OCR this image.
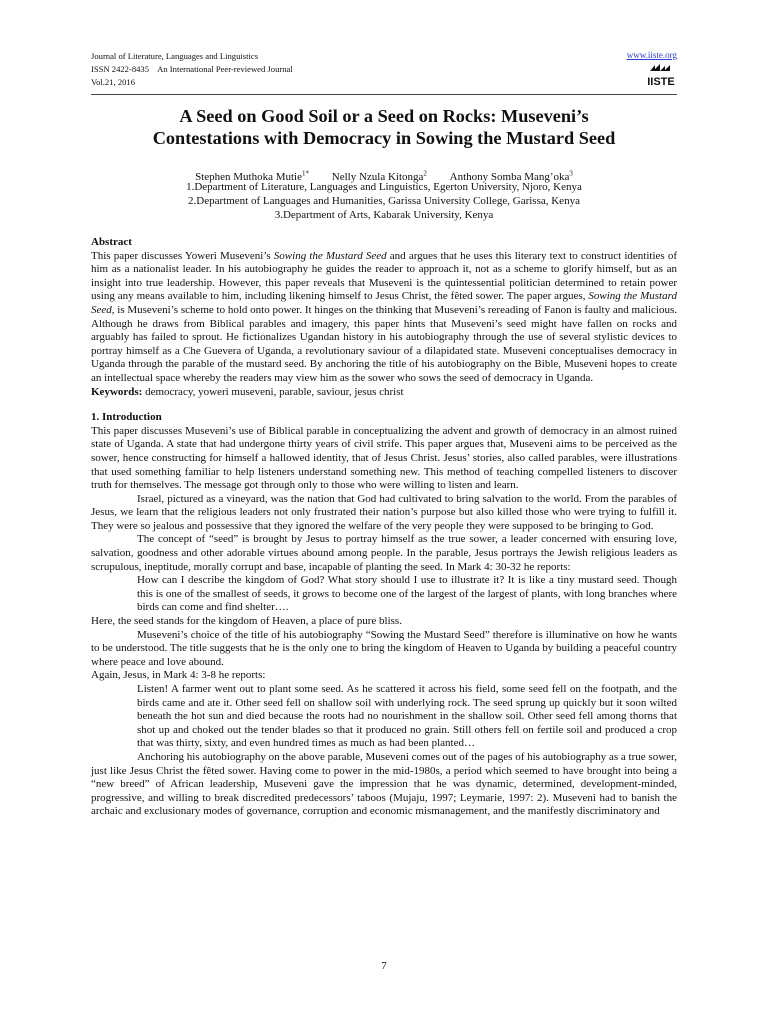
Journal of Literature, Languages and Linguistics
ISSN 2422-8435    An International Peer-reviewed Journal
Vol.21, 2016
www.iiste.org
IISTE
A Seed on Good Soil or a Seed on Rocks: Museveni’s
Contestations with Democracy in Sowing the Mustard Seed
Stephen Muthoka Mutie$^{1*}$ Nelly Nzula Kitonga$^2$ Anthony Somba Mang’oka$^3$
1.Department of Literature, Languages and Linguistics, Egerton University, Njoro, Kenya
2.Department of Languages and Humanities, Garissa University College, Garissa, Kenya
3.Department of Arts, Kabarak University, Kenya

Abstract

This paper discusses Yoweri Museveni’s Sowing the Mustard Seed and argues that he uses this literary text to construct identities of him as a nationalist leader. In his autobiography he guides the reader to approach it, not as a scheme to glorify himself, but as an insight into true leadership. However, this paper reveals that Museveni is the quintessential politician determined to retain power using any means available to him, including likening himself to Jesus Christ, the fêted sower. The paper argues, Sowing the Mustard Seed, is Museveni’s scheme to hold onto power. It hinges on the thinking that Museveni’s rereading of Fanon is faulty and malicious. Although he draws from Biblical parables and imagery, this paper hints that Museveni’s seed might have fallen on rocks and arguably has failed to sprout. He fictionalizes Ugandan history in his autobiography through the use of several stylistic devices to portray himself as a Che Guevera of Uganda, a revolutionary saviour of a dilapidated state. Museveni conceptualises democracy in Uganda through the parable of the mustard seed. By anchoring the title of his autobiography on the Bible, Museveni hopes to create an intellectual space whereby the readers may view him as the sower who sows the seed of democracy in Uganda.

Keywords: democracy, yoweri museveni, parable, saviour, jesus christ

1. Introduction

This paper discusses Museveni’s use of Biblical parable in conceptualizing the advent and growth of democracy in an almost ruined state of Uganda. A state that had undergone thirty years of civil strife. This paper argues that, Museveni aims to be perceived as the sower, hence constructing for himself a hallowed identity, that of Jesus Christ. Jesus’ stories, also called parables, were illustrations that used something familiar to help listeners understand something new. This method of teaching compelled listeners to discover truth for themselves. The message got through only to those who were willing to listen and learn.

Israel, pictured as a vineyard, was the nation that God had cultivated to bring salvation to the world. From the parables of Jesus, we learn that the religious leaders not only frustrated their nation’s purpose but also killed those who were trying to fulfill it. They were so jealous and possessive that they ignored the welfare of the very people they were supposed to be bringing to God.

The concept of “seed” is brought by Jesus to portray himself as the true sower, a leader concerned with ensuring love, salvation, goodness and other adorable virtues abound among people. In the parable, Jesus portrays the Jewish religious leaders as scrupulous, ineptitude, morally corrupt and base, incapable of planting the seed. In Mark 4: 30-32 he reports:

How can I describe the kingdom of God? What story should I use to illustrate it? It is like a tiny mustard seed. Though this is one of the smallest of seeds, it grows to become one of the largest of the largest of plants, with long branches where birds can come and find shelter….

Here, the seed stands for the kingdom of Heaven, a place of pure bliss.

Museveni’s choice of the title of his autobiography “Sowing the Mustard Seed” therefore is illuminative on how he wants to be understood. The title suggests that he is the only one to bring the kingdom of Heaven to Uganda by building a peaceful country where peace and love abound.

Again, Jesus, in Mark 4: 3-8 he reports:

Listen! A farmer went out to plant some seed. As he scattered it across his field, some seed fell on the footpath, and the birds came and ate it. Other seed fell on shallow soil with underlying rock. The seed sprung up quickly but it soon wilted beneath the hot sun and died because the roots had no nourishment in the shallow soil. Other seed fell among thorns that shot up and choked out the tender blades so that it produced no grain. Still others fell on fertile soil and produced a crop that was thirty, sixty, and even hundred times as much as had been planted…

Anchoring his autobiography on the above parable, Museveni comes out of the pages of his autobiography as a true sower, just like Jesus Christ the fêted sower. Having come to power in the mid-1980s, a period which seemed to have brought into being a “new breed” of African leadership, Museveni gave the impression that he was dynamic, determined, development-minded, progressive, and willing to break discredited predecessors’ taboos (Mujaju, 1997; Leymarie, 1997: 2). Museveni had to banish the archaic and exclusionary modes of governance, corruption and economic mismanagement, and the manifestly discriminatory and

7
